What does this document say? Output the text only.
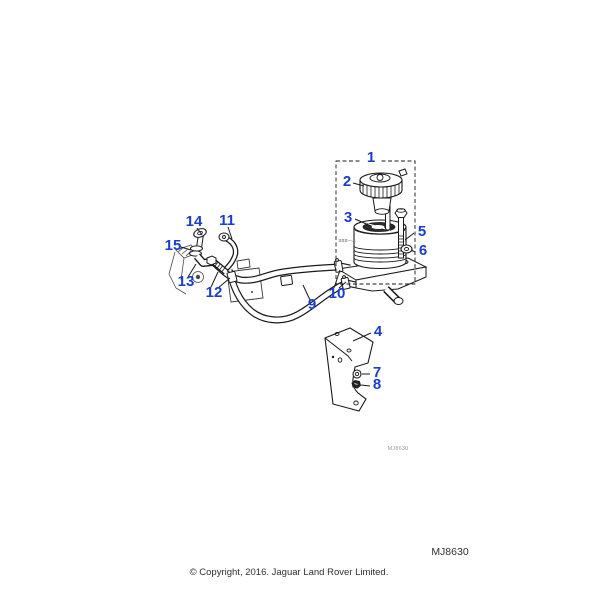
1
2
3
4
5
6
7
8
9
10
11
12
13
14
15	SSS
MJ8630
MJ8630
© Copyright, 2016. Jaguar Land Rover Limited.
